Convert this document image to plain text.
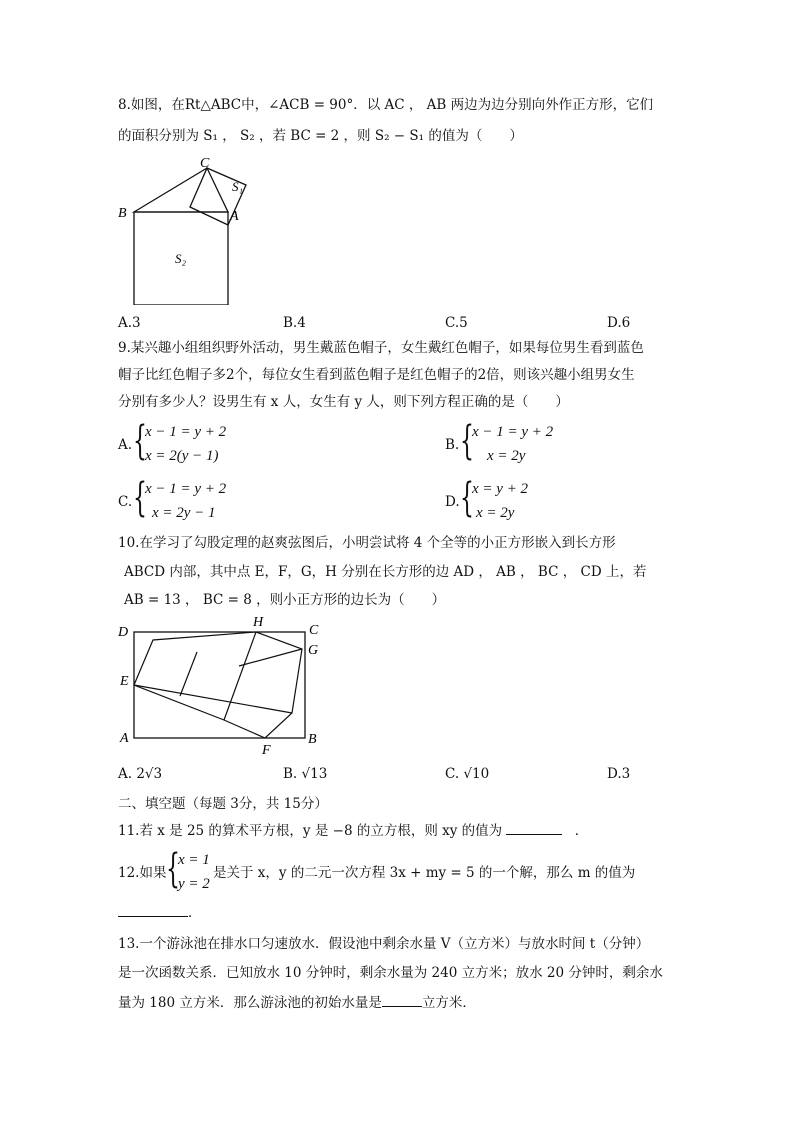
8.如图，在Rt△ABC中，∠ACB = 90°．以 AC ， AB 两边为边分别向外作正方形，它们
的面积分别为 S₁ ， S₂ ，若 BC = 2 ，则 S₂ − S₁ 的值为（　　）
C
B	A
S₁
S₂
A.3	B.4	C.5	D.6
9.某兴趣小组组织野外活动，男生戴蓝色帽子，女生戴红色帽子，如果每位男生看到蓝色
帽子比红色帽子多2个，每位女生看到蓝色帽子是红色帽子的2倍，则该兴趣小组男女生
分别有多少人？设男生有 x 人，女生有 y 人，则下列方程正确的是（　　）
A. {
x − 1 = y + 2
x = 2(y − 1)
B. {
x − 1 = y + 2
x = 2y
C. {
x − 1 = y + 2
x = 2y − 1
D. {
x = y + 2
x = 2y
10.在学习了勾股定理的赵爽弦图后，小明尝试将 4 个全等的小正方形嵌入到长方形
ABCD 内部，其中点 E，F，G，H 分别在长方形的边 AD ， AB ， BC ， CD 上，若
AB = 13 ， BC = 8 ，则小正方形的边长为（　　）
D
H
C
G
E
A
F
B
A. 2√3	B. √13	C. √10	D.3
二、填空题（每题 3分，共 15分）
11.若 x 是 25 的算术平方根，y 是 −8 的立方根，则 xy 的值为	．
12.如果 {
x = 1
y = 2
是关于 x，y 的二元一次方程 3x + my = 5 的一个解，那么 m 的值为
．
13.一个游泳池在排水口匀速放水．假设池中剩余水量 V（立方米）与放水时间 t（分钟）
是一次函数关系．已知放水 10 分钟时，剩余水量为 240 立方米；放水 20 分钟时，剩余水
量为 180 立方米．那么游泳池的初始水量是	立方米．
